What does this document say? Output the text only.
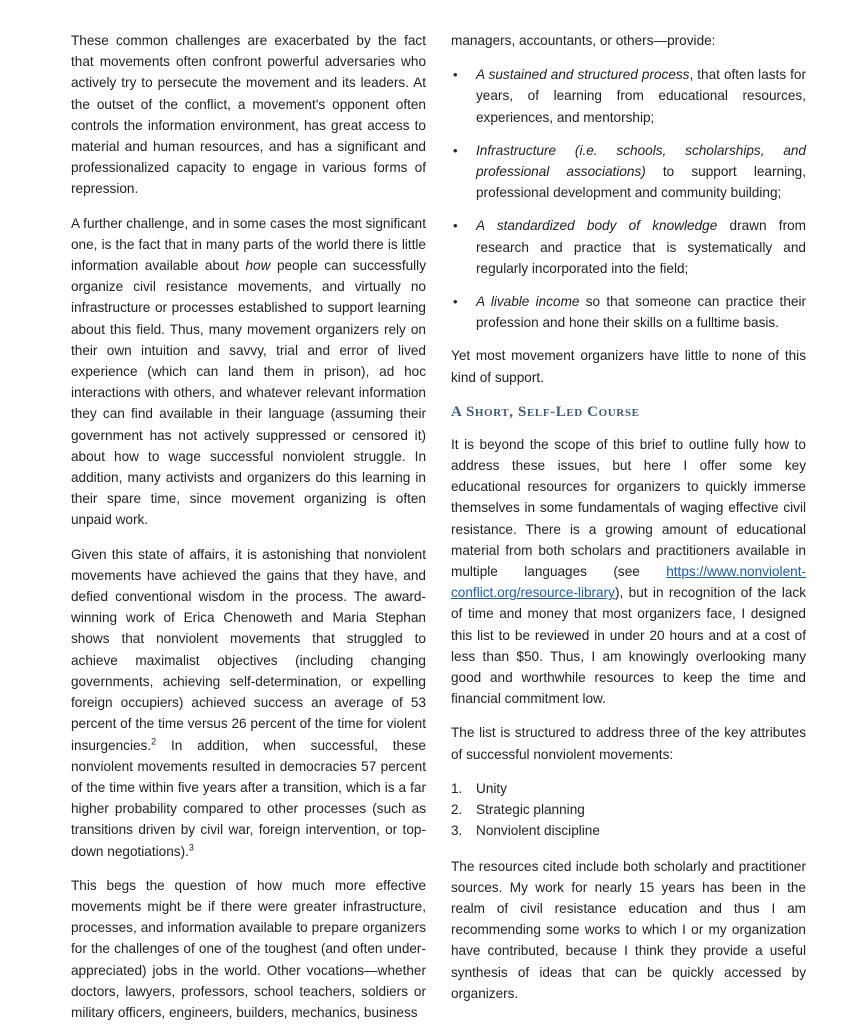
These common challenges are exacerbated by the fact that movements often confront powerful adversaries who actively try to persecute the movement and its leaders. At the outset of the conflict, a movement's opponent often controls the information environment, has great access to material and human resources, and has a significant and professionalized capacity to engage in various forms of repression.

A further challenge, and in some cases the most significant one, is the fact that in many parts of the world there is little information available about how people can successfully organize civil resistance movements, and virtually no infrastructure or processes established to support learning about this field. Thus, many movement organizers rely on their own intuition and savvy, trial and error of lived experience (which can land them in prison), ad hoc interactions with others, and whatever relevant information they can find available in their language (assuming their government has not actively suppressed or censored it) about how to wage successful nonviolent struggle. In addition, many activists and organizers do this learning in their spare time, since movement organizing is often unpaid work.

Given this state of affairs, it is astonishing that nonviolent movements have achieved the gains that they have, and defied conventional wisdom in the process. The award-winning work of Erica Chenoweth and Maria Stephan shows that nonviolent movements that struggled to achieve maximalist objectives (including changing governments, achieving self-determination, or expelling foreign occupiers) achieved success an average of 53 percent of the time versus 26 percent of the time for violent insurgencies.$^2$ In addition, when successful, these nonviolent movements resulted in democracies 57 percent of the time within five years after a transition, which is a far higher probability compared to other processes (such as transitions driven by civil war, foreign intervention, or top-down negotiations).$^3$

This begs the question of how much more effective movements might be if there were greater infrastructure, processes, and information available to prepare organizers for the challenges of one of the toughest (and often under-appreciated) jobs in the world. Other vocations—whether doctors, lawyers, professors, school teachers, soldiers or military officers, engineers, builders, mechanics, business

managers, accountants, or others—provide:

• A sustained and structured process, that often lasts for years, of learning from educational resources, experiences, and mentorship;
• Infrastructure (i.e. schools, scholarships, and professional associations) to support learning, professional development and community building;
• A standardized body of knowledge drawn from research and practice that is systematically and regularly incorporated into the field;
• A livable income so that someone can practice their profession and hone their skills on a fulltime basis.

Yet most movement organizers have little to none of this kind of support.

A Short, Self-Led Course

It is beyond the scope of this brief to outline fully how to address these issues, but here I offer some key educational resources for organizers to quickly immerse themselves in some fundamentals of waging effective civil resistance. There is a growing amount of educational material from both scholars and practitioners available in multiple languages (see https://www.nonviolent-conflict.org/resource-library), but in recognition of the lack of time and money that most organizers face, I designed this list to be reviewed in under 20 hours and at a cost of less than $50. Thus, I am knowingly overlooking many good and worthwhile resources to keep the time and financial commitment low.

The list is structured to address three of the key attributes of successful nonviolent movements:

1. Unity
2. Strategic planning
3. Nonviolent discipline

The resources cited include both scholarly and practitioner sources. My work for nearly 15 years has been in the realm of civil resistance education and thus I am recommending some works to which I or my organization have contributed, because I think they provide a useful synthesis of ideas that can be quickly accessed by organizers.
